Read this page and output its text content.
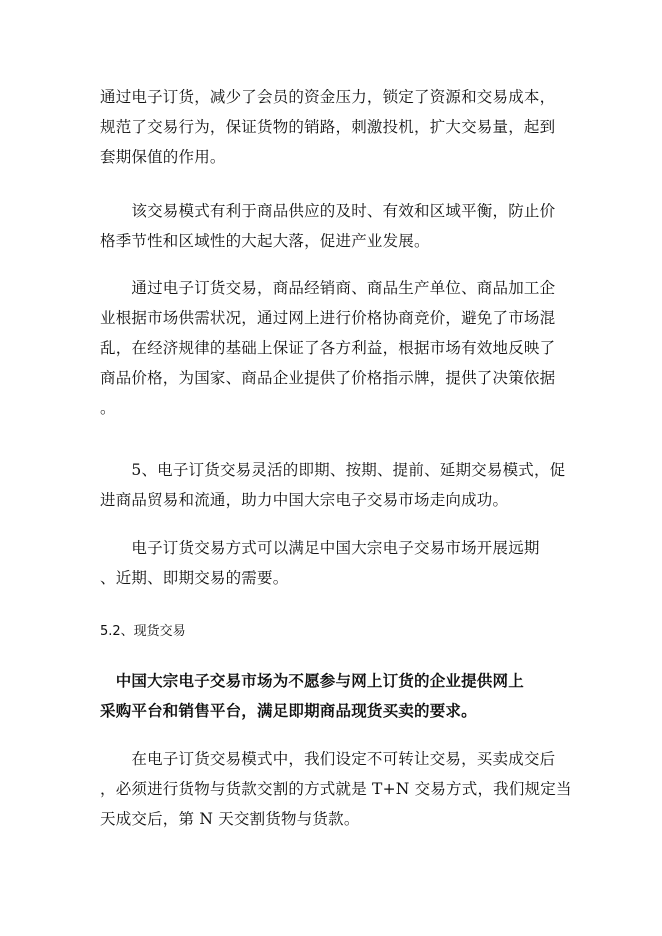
通过电子订货，减少了会员的资金压力，锁定了资源和交易成本，
规范了交易行为，保证货物的销路，刺激投机，扩大交易量，起到
套期保值的作用。

　　该交易模式有利于商品供应的及时、有效和区域平衡，防止价
格季节性和区域性的大起大落，促进产业发展。

　　通过电子订货交易，商品经销商、商品生产单位、商品加工企
业根据市场供需状况，通过网上进行价格协商竞价，避免了市场混
乱，在经济规律的基础上保证了各方利益，根据市场有效地反映了
商品价格，为国家、商品企业提供了价格指示牌，提供了决策依据
。

　　5、电子订货交易灵活的即期、按期、提前、延期交易模式，促
进商品贸易和流通，助力中国大宗电子交易市场走向成功。

　　电子订货交易方式可以满足中国大宗电子交易市场开展远期
、近期、即期交易的需要。

5.2、现货交易

　中国大宗电子交易市场为不愿参与网上订货的企业提供网上
采购平台和销售平台，满足即期商品现货买卖的要求。

　　在电子订货交易模式中，我们设定不可转让交易，买卖成交后
，必须进行货物与货款交割的方式就是 T+N 交易方式，我们规定当
天成交后，第 N 天交割货物与货款。
